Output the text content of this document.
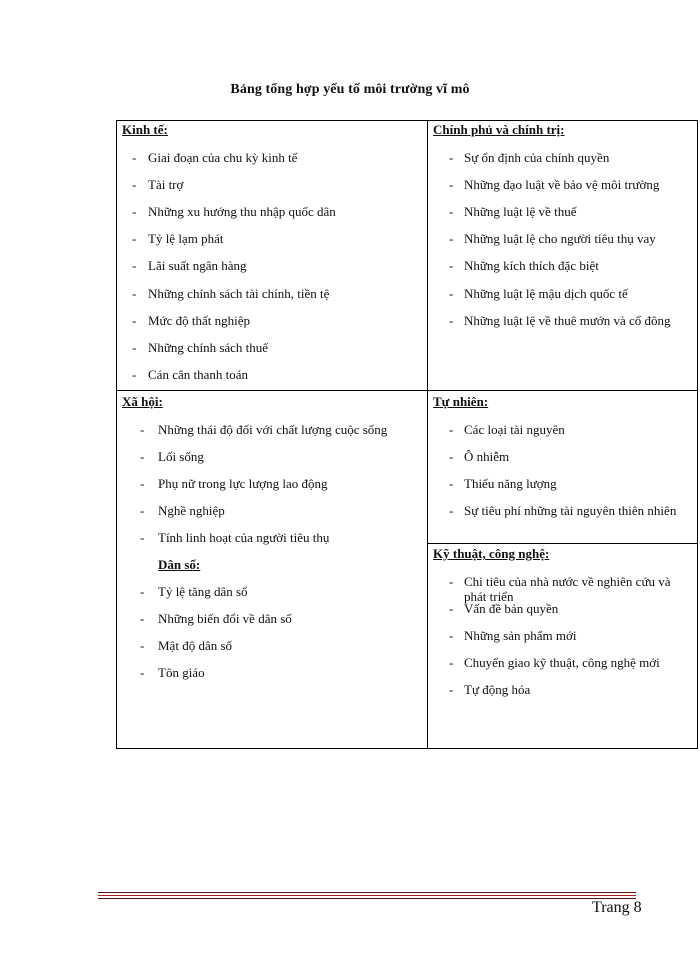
Bảng tổng hợp yếu tố môi trường vĩ mô
Kinh tế:
- Giai đoạn của chu kỳ kinh tế
- Tài trợ
- Những xu hướng thu nhập quốc dân
- Tỷ lệ lạm phát
- Lãi suất ngân hàng
- Những chính sách tài chính, tiền tệ
- Mức độ thất nghiệp
- Những chính sách thuế
- Cán cân thanh toán
Chính phủ và chính trị:
- Sự ổn định của chính quyền
- Những đạo luật về bảo vệ môi trường
- Những luật lệ về thuế
- Những luật lệ cho người tiêu thụ vay
- Những kích thích đặc biệt
- Những luật lệ mậu dịch quốc tế
- Những luật lệ về thuê mướn và cổ đông
Xã hội:
- Những thái độ đối với chất lượng cuộc sống
- Lối sống
- Phụ nữ trong lực lượng lao động
- Nghề nghiệp
- Tính linh hoạt của người tiêu thụ
Dân số:
- Tỷ lệ tăng dân số
- Những biến đổi về dân số
- Mật độ dân số
- Tôn giáo
Tự nhiên:
- Các loại tài nguyên
- Ô nhiễm
- Thiếu năng lượng
- Sự tiêu phí những tài nguyên thiên nhiên
Kỹ thuật, công nghệ:
- Chi tiêu của nhà nước về nghiên cứu và phát triển
- Vấn đề bản quyền
- Những sản phẩm mới
- Chuyển giao kỹ thuật, công nghệ mới
- Tự động hóa
Trang 8
